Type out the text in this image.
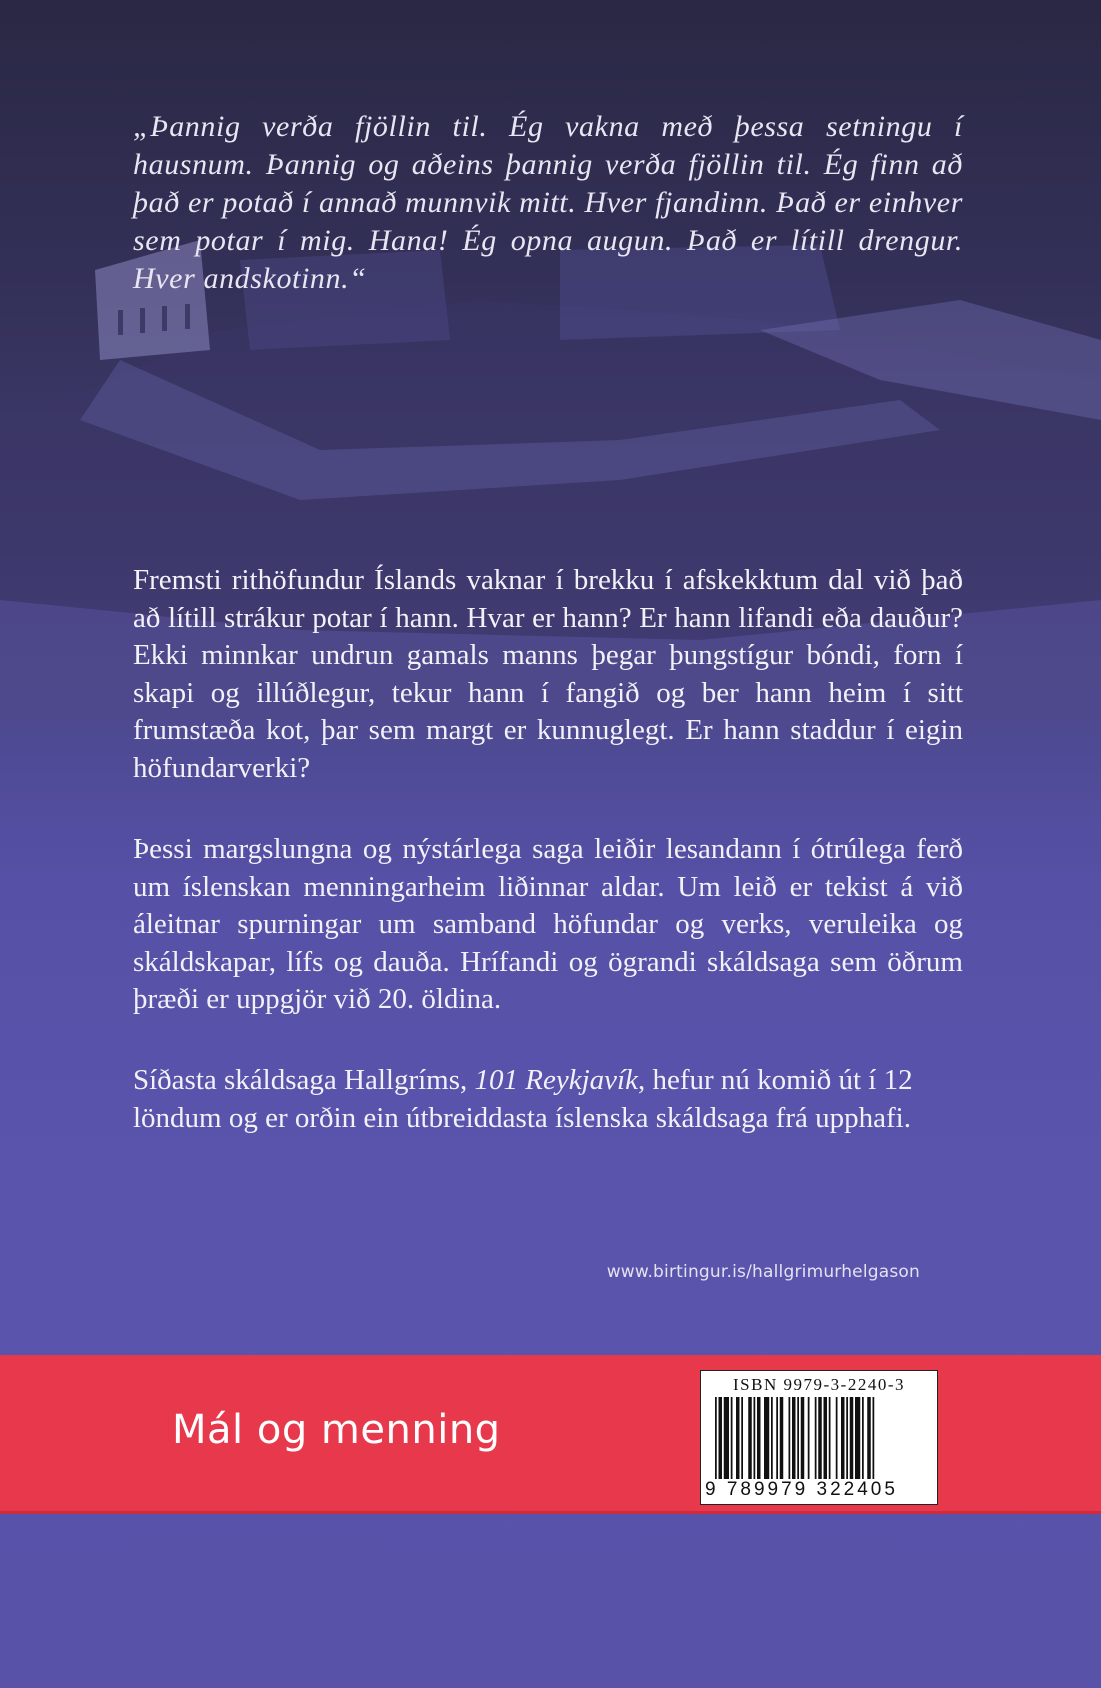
„Þannig verða fjöllin til. Ég vakna með þessa setningu í hausnum. Þannig og aðeins þannig verða fjöllin til. Ég finn að það er potað í annað munnvik mitt. Hver fjandinn. Það er einhver sem potar í mig. Hana! Ég opna augun. Það er lítill drengur. Hver andskotinn.“

Fremsti rithöfundur Íslands vaknar í brekku í afskekktum dal við það að lítill strákur potar í hann. Hvar er hann? Er hann lifandi eða dauður? Ekki minnkar undrun gamals manns þegar þungstígur bóndi, forn í skapi og illúðlegur, tekur hann í fangið og ber hann heim í sitt frumstæða kot, þar sem margt er kunnuglegt. Er hann staddur í eigin höfundarverki?

Þessi margslungna og nýstárlega saga leiðir lesandann í ótrúlega ferð um íslenskan menningarheim liðinnar aldar. Um leið er tekist á við áleitnar spurningar um samband höfundar og verks, veruleika og skáldskapar, lífs og dauða. Hrífandi og ögrandi skáldsaga sem öðrum þræði er uppgjör við 20. öldina.

Síðasta skáldsaga Hallgríms, 101 Reykjavík, hefur nú komið út í 12 löndum og er orðin ein útbreiddasta íslenska skáldsaga frá upphafi.

www.birtingur.is/hallgrimurhelgason

Mál og menning

ISBN 9979-3-2240-3

9 789979 322405
